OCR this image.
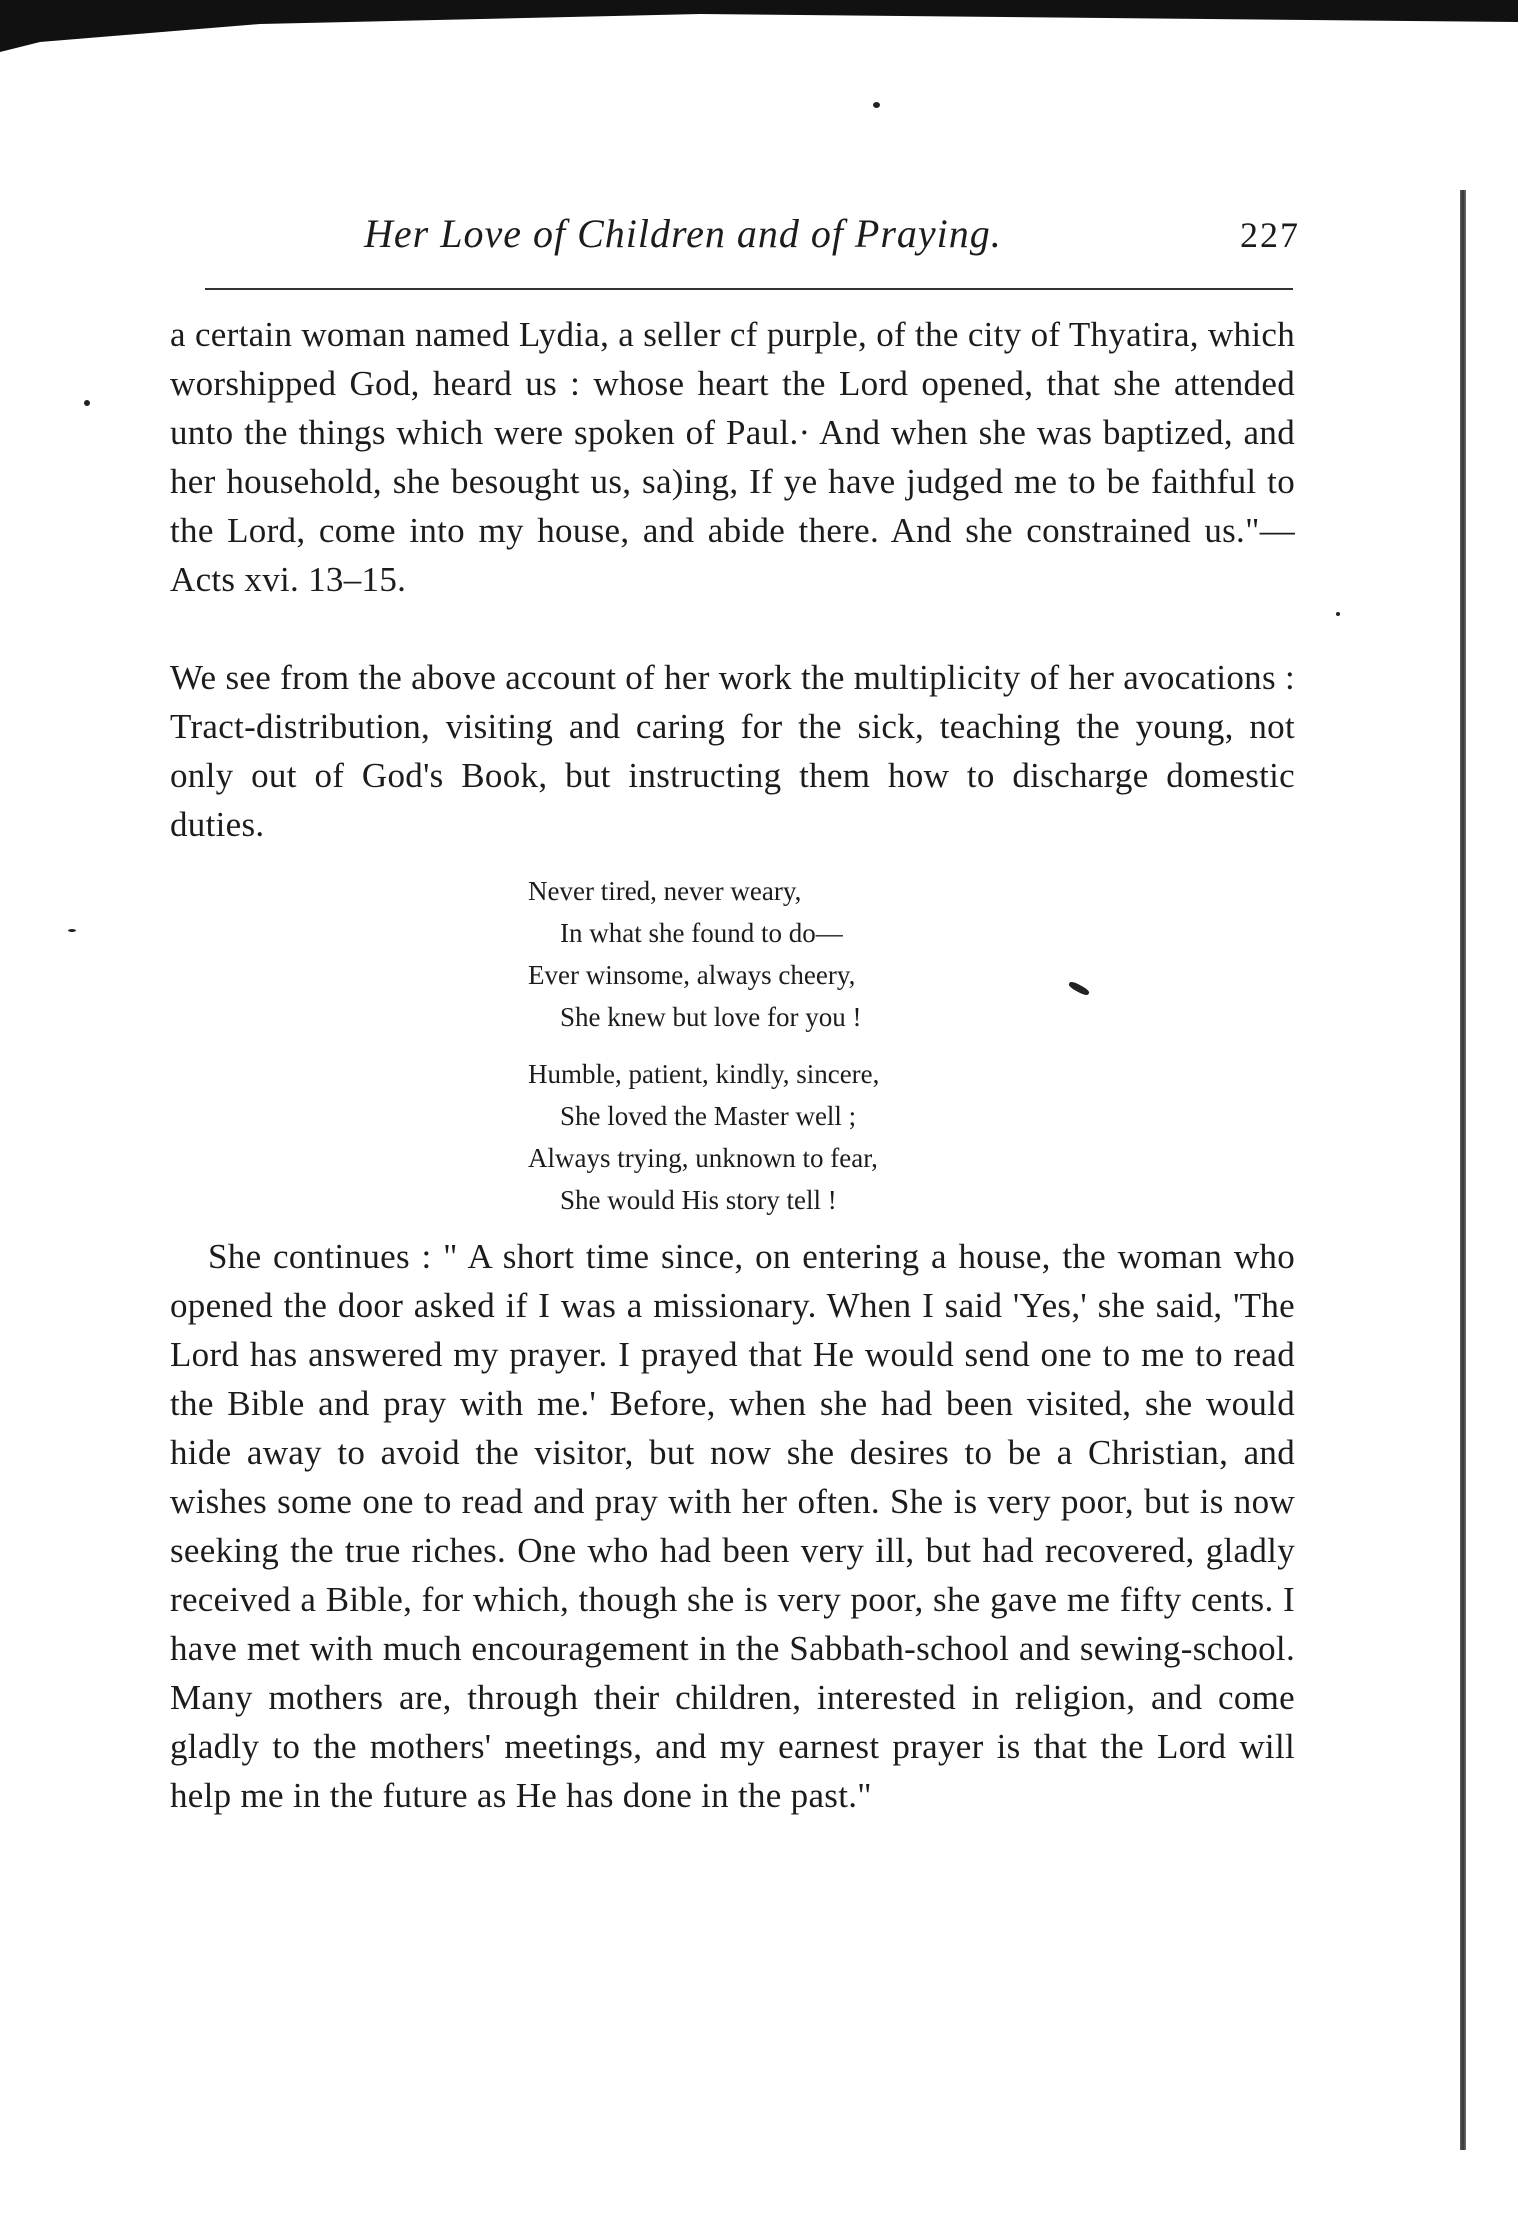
Her Love of Children and of Praying.	227

a certain woman named Lydia, a seller cf purple, of the city of Thyatira, which worshipped God, heard us : whose heart the Lord opened, that she attended unto the things which were spoken of Paul.· And when she was baptized, and her household, she besought us, sa)ing, If ye have judged me to be faithful to the Lord, come into my house, and abide there. And she constrained us."—Acts xvi. 13–15.

We see from the above account of her work the multiplicity of her avocations : Tract-distribution, visiting and caring for the sick, teaching the young, not only out of God's Book, but instructing them how to discharge domestic duties.

Never tired, never weary,
In what she found to do—
Ever winsome, always cheery,
She knew but love for you !
Humble, patient, kindly, sincere,
She loved the Master well ;
Always trying, unknown to fear,
She would His story tell !

She continues : " A short time since, on entering a house, the woman who opened the door asked if I was a missionary. When I said 'Yes,' she said, 'The Lord has answered my prayer. I prayed that He would send one to me to read the Bible and pray with me.' Before, when she had been visited, she would hide away to avoid the visitor, but now she desires to be a Christian, and wishes some one to read and pray with her often. She is very poor, but is now seeking the true riches. One who had been very ill, but had recovered, gladly received a Bible, for which, though she is very poor, she gave me fifty cents. I have met with much encouragement in the Sabbath-school and sewing-school. Many mothers are, through their children, interested in religion, and come gladly to the mothers' meetings, and my earnest prayer is that the Lord will help me in the future as He has done in the past."
